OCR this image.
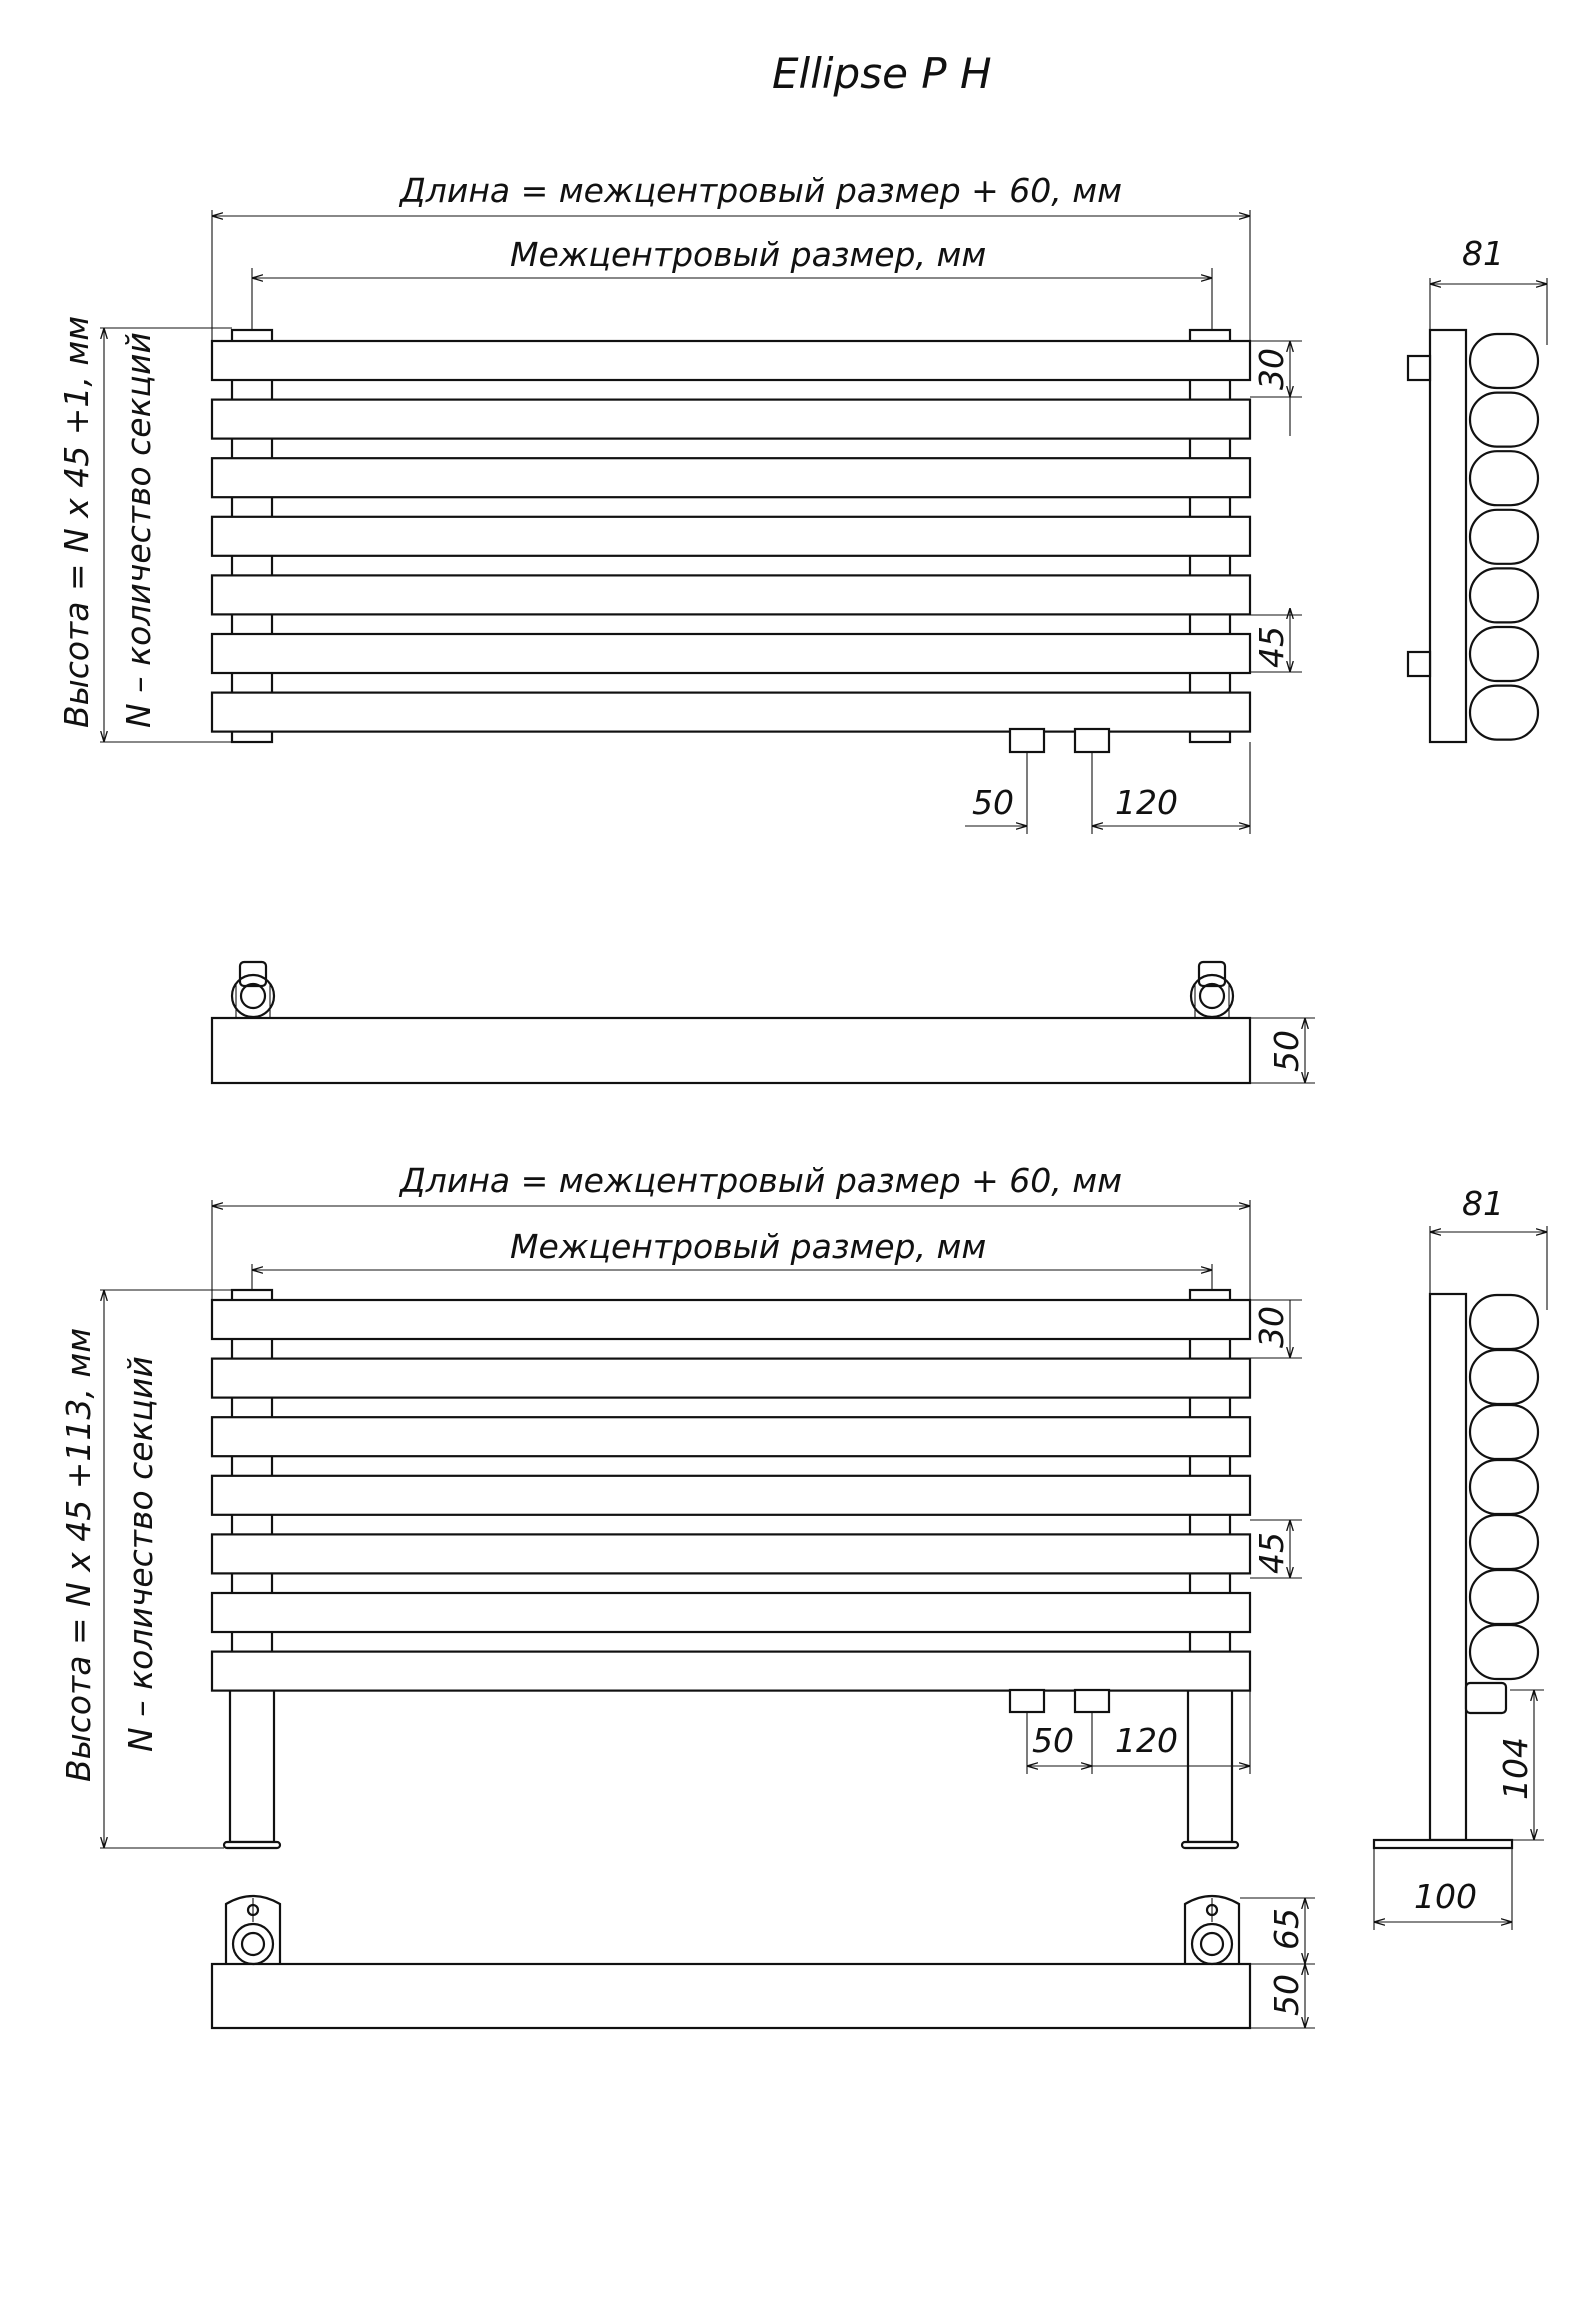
Ellipse P H
Длина = межцентровый размер + 60, мм
Межцентровый размер, мм
30
45
Высота = N x 45 +1, мм N – количество секций
50	120
81
50
Длина = межцентровый размер + 60, мм
Межцентровый размер, мм
30
45
Высота = N x 45 +113, мм N – количество секций	50 120
81
104
100
65
50
